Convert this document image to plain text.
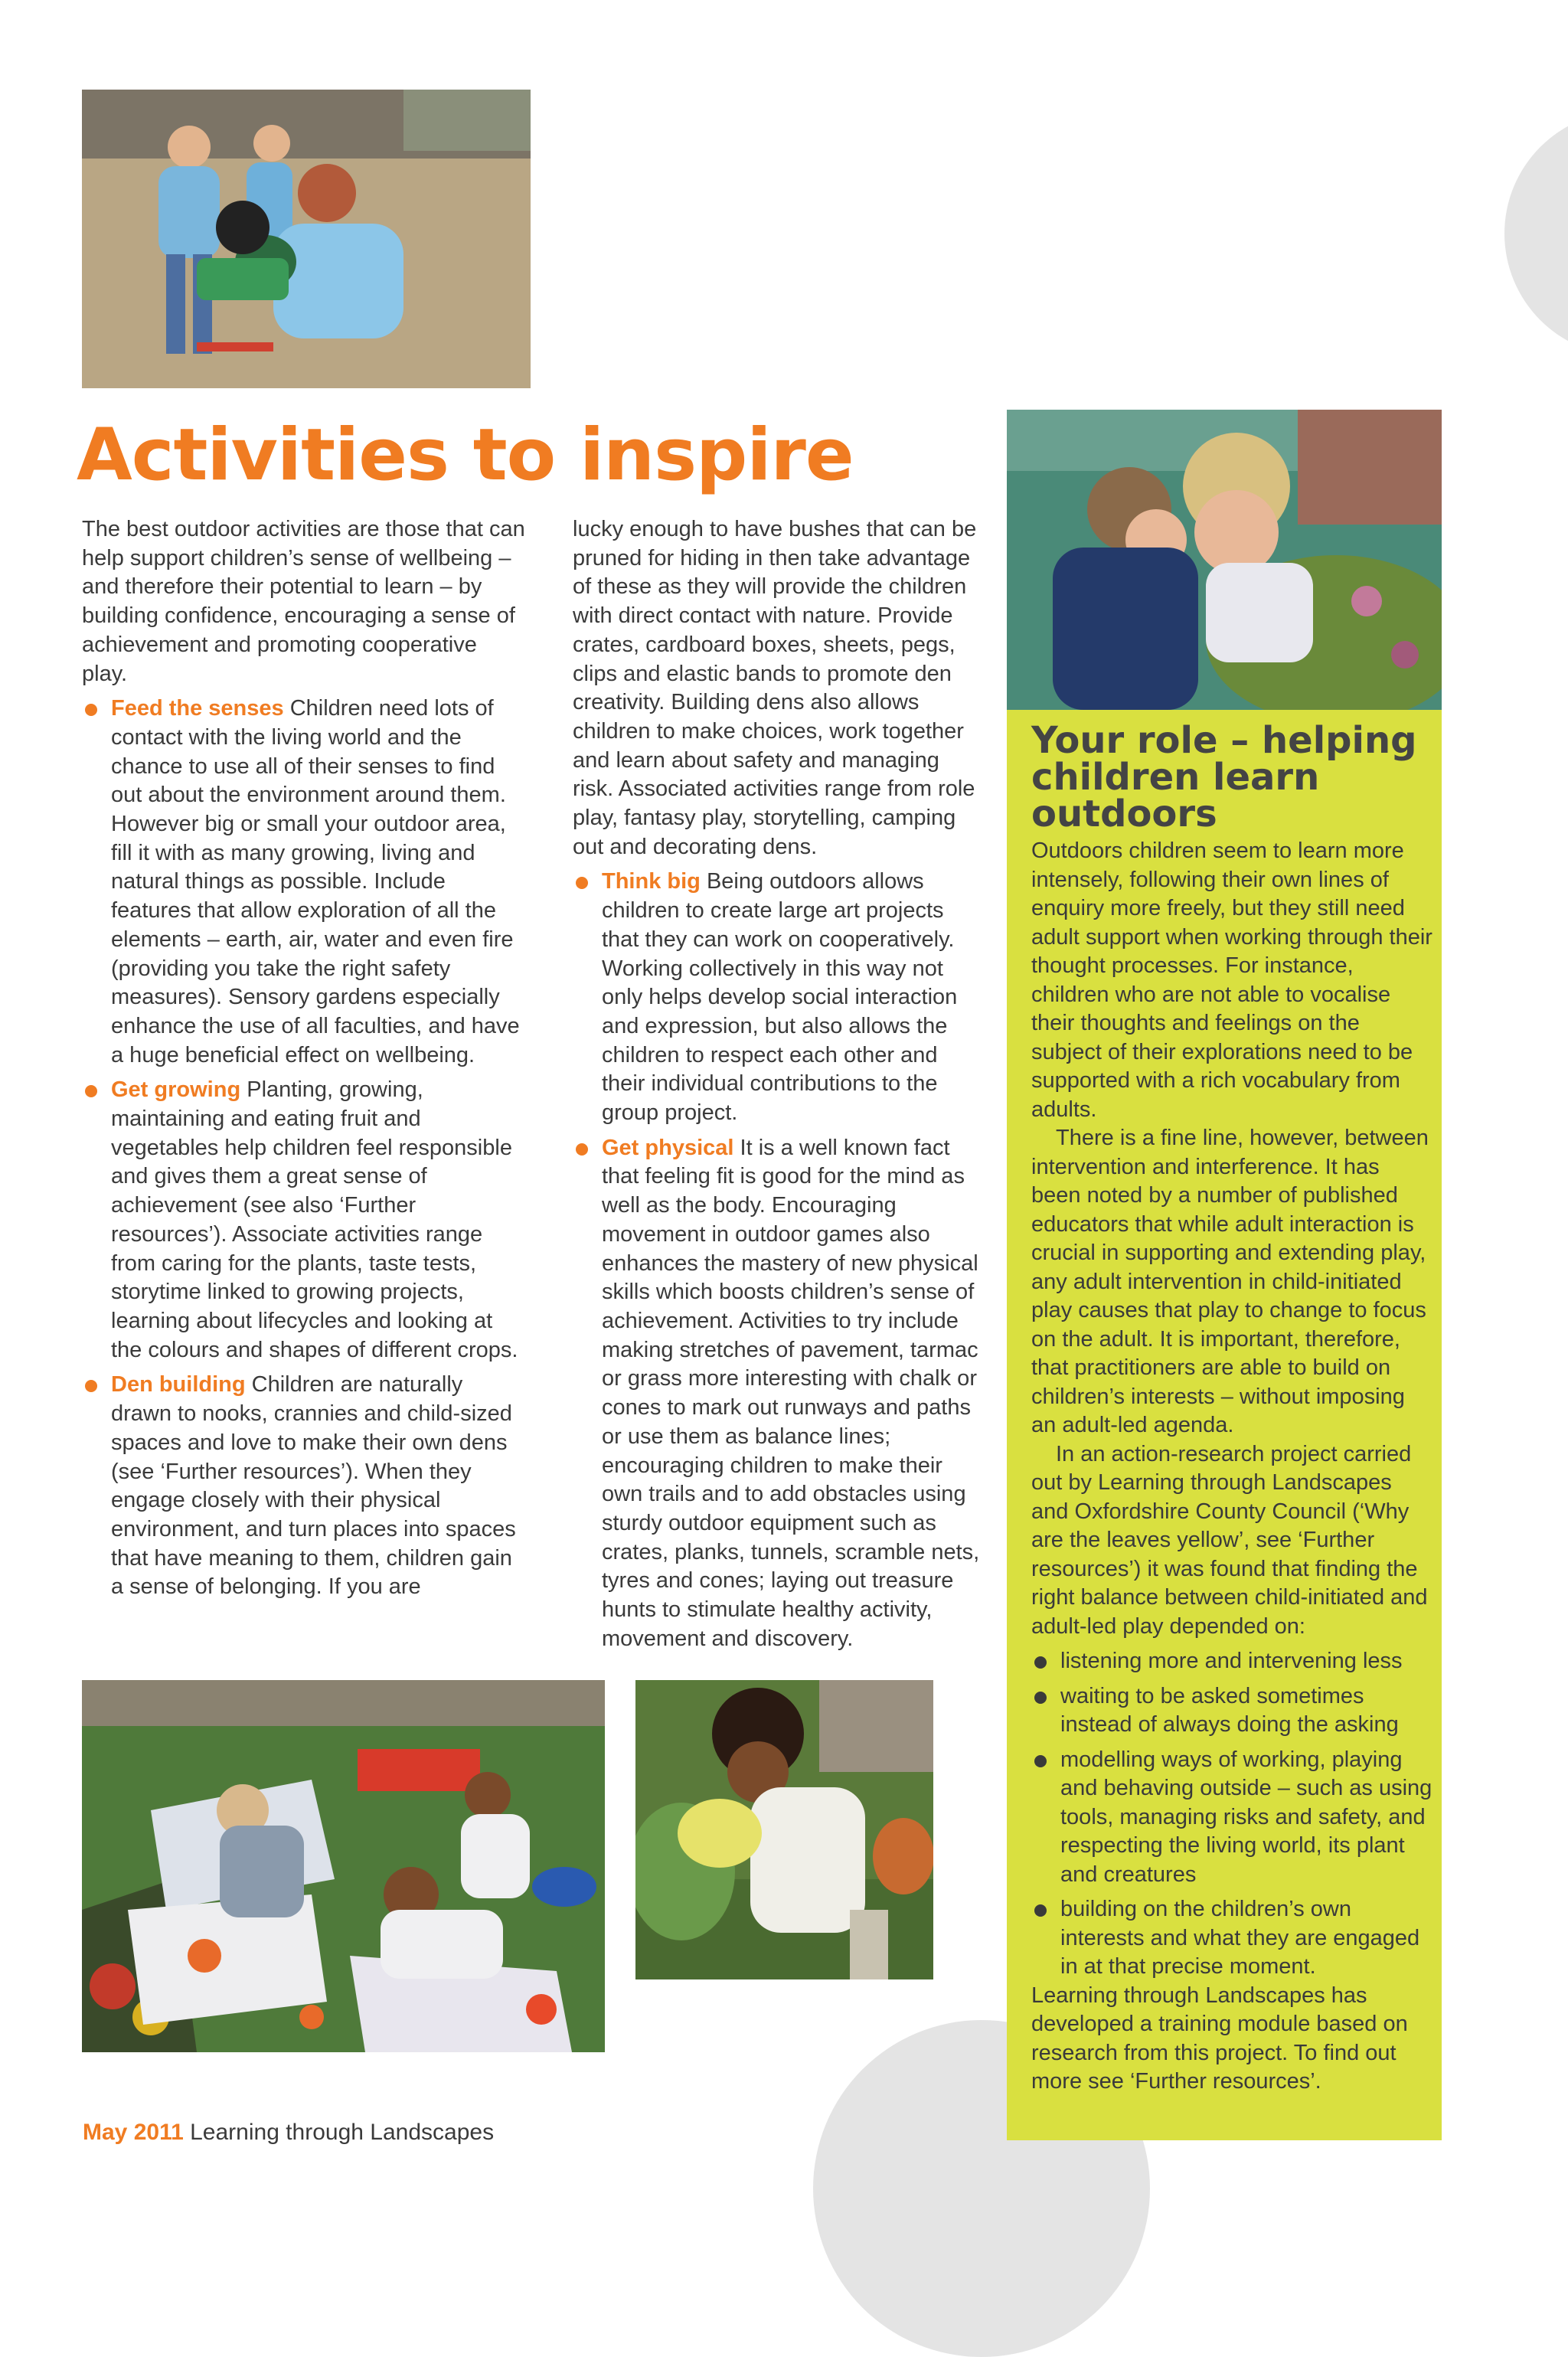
Activities to inspire

The best outdoor activities are those that can help support children’s sense of wellbeing – and therefore their potential to learn – by building confidence, encouraging a sense of achievement and promoting cooperative play.

Feed the senses Children need lots of contact with the living world and the chance to use all of their senses to find out about the environment around them. However big or small your outdoor area, fill it with as many growing, living and natural things as possible. Include features that allow exploration of all the elements – earth, air, water and even fire (providing you take the right safety measures). Sensory gardens especially enhance the use of all faculties, and have a huge beneficial effect on wellbeing.
Get growing Planting, growing, maintaining and eating fruit and vegetables help children feel responsible and gives them a great sense of achievement (see also ‘Further resources’). Associate activities range from caring for the plants, taste tests, storytime linked to growing projects, learning about lifecycles and looking at the colours and shapes of different crops.
Den building Children are naturally drawn to nooks, crannies and child-sized spaces and love to make their own dens (see ‘Further resources’). When they engage closely with their physical environment, and turn places into spaces that have meaning to them, children gain a sense of belonging. If you are

lucky enough to have bushes that can be pruned for hiding in then take advantage of these as they will provide the children with direct contact with nature. Provide crates, cardboard boxes, sheets, pegs, clips and elastic bands to promote den creativity. Building dens also allows children to make choices, work together and learn about safety and managing risk. Associated activities range from role play, fantasy play, storytelling, camping out and decorating dens.

Think big Being outdoors allows children to create large art projects that they can work on cooperatively. Working collectively in this way not only helps develop social interaction and expression, but also allows the children to respect each other and their individual contributions to the group project.
Get physical It is a well known fact that feeling fit is good for the mind as well as the body. Encouraging movement in outdoor games also enhances the mastery of new physical skills which boosts children’s sense of achievement. Activities to try include making stretches of pavement, tarmac or grass more interesting with chalk or cones to mark out runways and paths or use them as balance lines; encouraging children to make their own trails and to add obstacles using sturdy outdoor equipment such as crates, planks, tunnels, scramble nets, tyres and cones; laying out treasure hunts to stimulate healthy activity, movement and discovery.
Your role – helping children learn outdoors

Outdoors children seem to learn more intensely, following their own lines of enquiry more freely, but they still need adult support when working through their thought processes. For instance, children who are not able to vocalise their thoughts and feelings on the subject of their explorations need to be supported with a rich vocabulary from adults.

There is a fine line, however, between intervention and interference. It has been noted by a number of published educators that while adult interaction is crucial in supporting and extending play, any adult intervention in child-initiated play causes that play to change to focus on the adult. It is important, therefore, that practitioners are able to build on children’s interests – without imposing an adult-led agenda.

In an action-research project carried out by Learning through Landscapes and Oxfordshire County Council (‘Why are the leaves yellow’, see ‘Further resources’) it was found that finding the right balance between child-initiated and adult-led play depended on:

listening more and intervening less
waiting to be asked sometimes instead of always doing the asking
modelling ways of working, playing and behaving outside – such as using tools, managing risks and safety, and respecting the living world, its plant and creatures
building on the children’s own interests and what they are engaged in at that precise moment.

Learning through Landscapes has developed a training module based on research from this project. To find out more see ‘Further resources’.

May 2011 Learning through Landscapes
